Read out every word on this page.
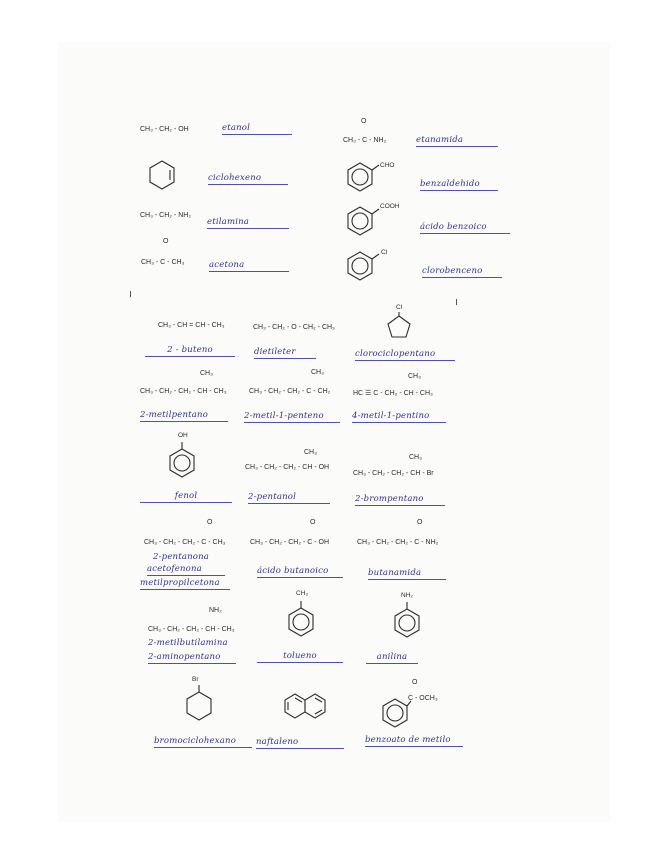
CH₃ - CH₂ - OH	etanol
O
CH₃ - C - NH₂	etanamida
ciclohexeno
CHO
benzaldehido
CH₃ - CH₂ - NH₂
etilamina
COOH
ácido benzoico
O
CH₃ - C - CH₃	acetona
Cl
clorobenceno
CH₃ - CH = CH - CH₃
2 - buteno
CH₃ - CH₂ - O - CH₂ - CH₃
dietileter
Cl
clorociclopentano
CH₃
CH₃ - CH₂ - CH₂ - CH - CH₃
2-metilpentano
CH₃
CH₃ - CH₂ - CH₂ - C - CH₂
2-metil-1-penteno
CH₃
HC ☰ C - CH₂ - CH - CH₃
4-metil-1-pentino
OH
fenol
CH₃
CH₃ - CH₂ - CH₂ - CH - OH
2-pentanol
CH₃
CH₃ - CH₂ - CH₂ - CH - Br
2-brompentano
O
CH₃ - CH₂ - CH₂ - C - CH₃
2-pentanona
acetofenona
metilpropilcetona
O
CH₃ - CH₂ - CH₂ - C - OH
ácido butanoico
O
CH₃ - CH₂ - CH₂ - C - NH₂
butanamida
NH₂
CH₃ - CH₂ - CH₂ - CH - CH₃
2-metilbutilamina
2-aminopentano
CH₃
tolueno
NH₂
anilina
Br
bromociclohexano	naftaleno
O
C - OCH₃
benzoato de metilo
